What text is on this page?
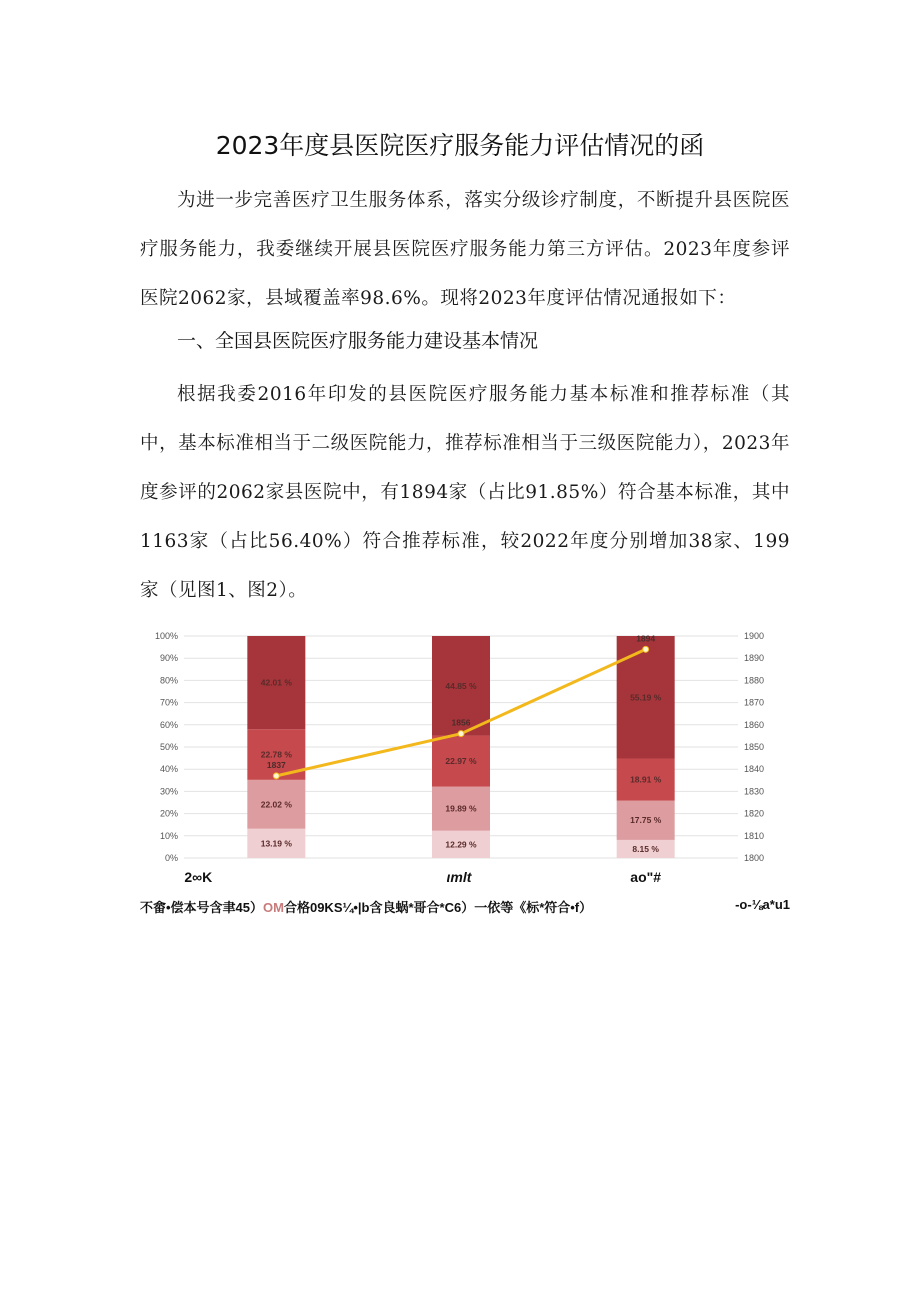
2023年度县医院医疗服务能力评估情况的函

为进一步完善医疗卫生服务体系，落实分级诊疗制度，不断提升县医院医疗服务能力，我委继续开展县医院医疗服务能力第三方评估。2023年度参评医院2062家，县域覆盖率98.6%。现将2023年度评估情况通报如下：

一、全国县医院医疗服务能力建设基本情况

根据我委2016年印发的县医院医疗服务能力基本标准和推荐标准（其中，基本标准相当于二级医院能力，推荐标准相当于三级医院能力），2023年度参评的2062家县医院中，有1894家（占比91.85%）符合基本标准，其中1163家（占比56.40%）符合推荐标准，较2022年度分别增加38家、199家（见图1、图2）。

0%
10%
20%
30%
40%
50%
60%
70%
80%
90%
100%
1800
1810
1820
1830
1840
1850
1860
1870
1880
1890
1900
13.19 %
22.02 %
22.78 %
42.01 %
12.29 %
19.89 %
22.97 %
44.85 %
8.15 %
17.75 %
18.91 %
55.19 %
1837
1856
1894
2∞K	ιmlt	ao"#
不畲•偿本号含聿45）OM合格09KS¼•|b含良蜗*哥合*C6）一依等《标*符合•f）	-o-⅛a*u1
